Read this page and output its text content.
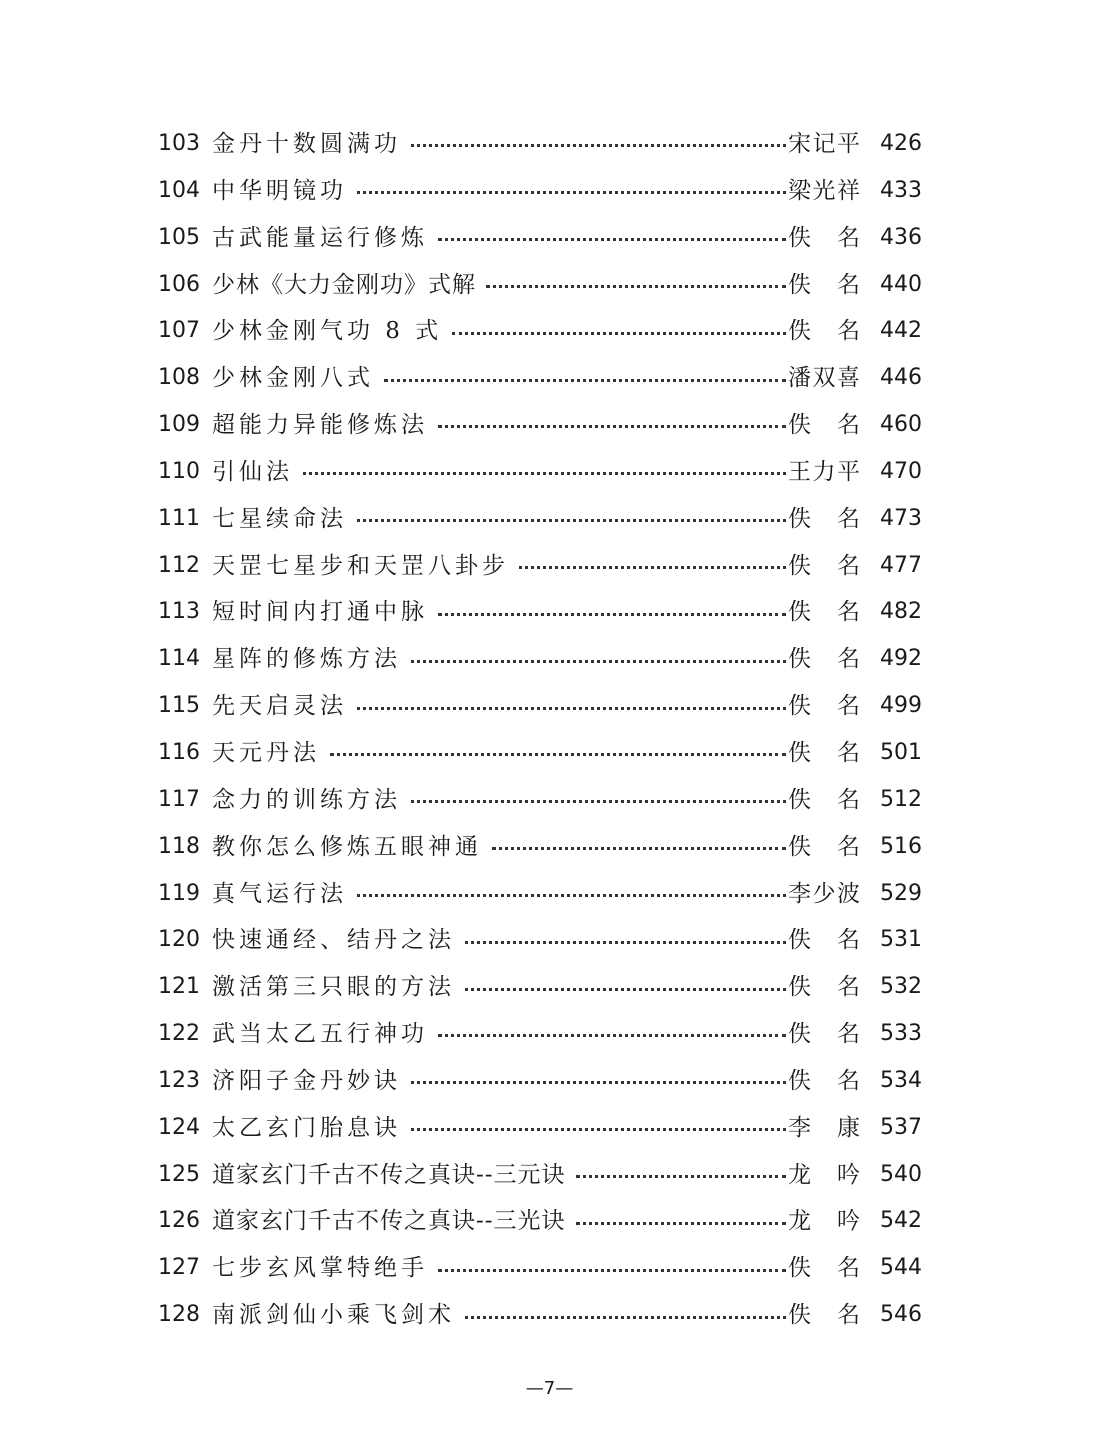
103 金丹十数圆满功	宋 记 平 426
104 中华明镜功	梁 光 祥 433
105 古武能量运行修炼	佚 名 436
106 少林《大力金刚功》式解	佚 名 440
107 少林金刚气功 8 式	佚 名 442
108 少林金刚八式	潘 双 喜 446
109 超能力异能修炼法	佚 名 460
110 引仙法	王 力 平 470
111 七星续命法	佚 名 473
112 天罡七星步和天罡八卦步	佚 名 477
113 短时间内打通中脉	佚 名 482
114 星阵的修炼方法	佚 名 492
115 先天启灵法	佚 名 499
116 天元丹法	佚 名 501
117 念力的训练方法	佚 名 512
118 教你怎么修炼五眼神通	佚 名 516
119 真气运行法	李 少 波 529
120 快速通经、结丹之法	佚 名 531
121 激活第三只眼的方法	佚 名 532
122 武当太乙五行神功	佚 名 533
123 济阳子金丹妙诀	佚 名 534
124 太乙玄门胎息诀	李 康 537
125 道家玄门千古不传之真诀--三元诀	龙 吟 540
126 道家玄门千古不传之真诀--三光诀	龙 吟 542
127 七步玄风掌特绝手	佚 名 544
128 南派剑仙小乘飞剑术	佚 名 546
—7—
